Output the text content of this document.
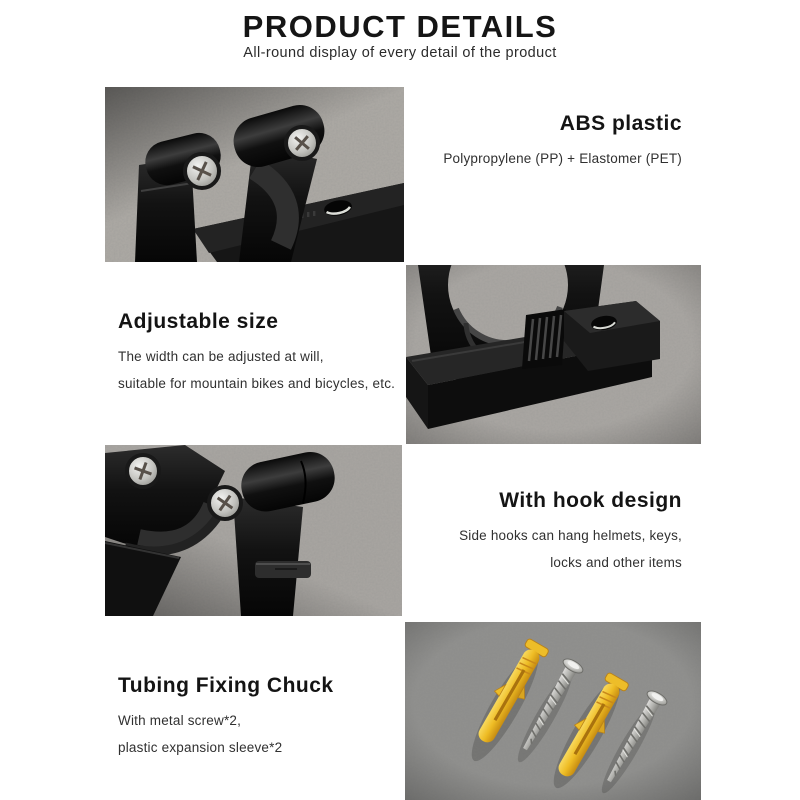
PRODUCT DETAILS

All-round display of every detail of the product

ABS plastic

Polypropylene (PP) + Elastomer (PET)

Adjustable size

The width can be adjusted at will,

suitable for mountain bikes and bicycles, etc.

With hook design

Side hooks can hang helmets, keys,

locks and other items

Tubing Fixing Chuck

With metal screw*2,

plastic expansion sleeve*2
